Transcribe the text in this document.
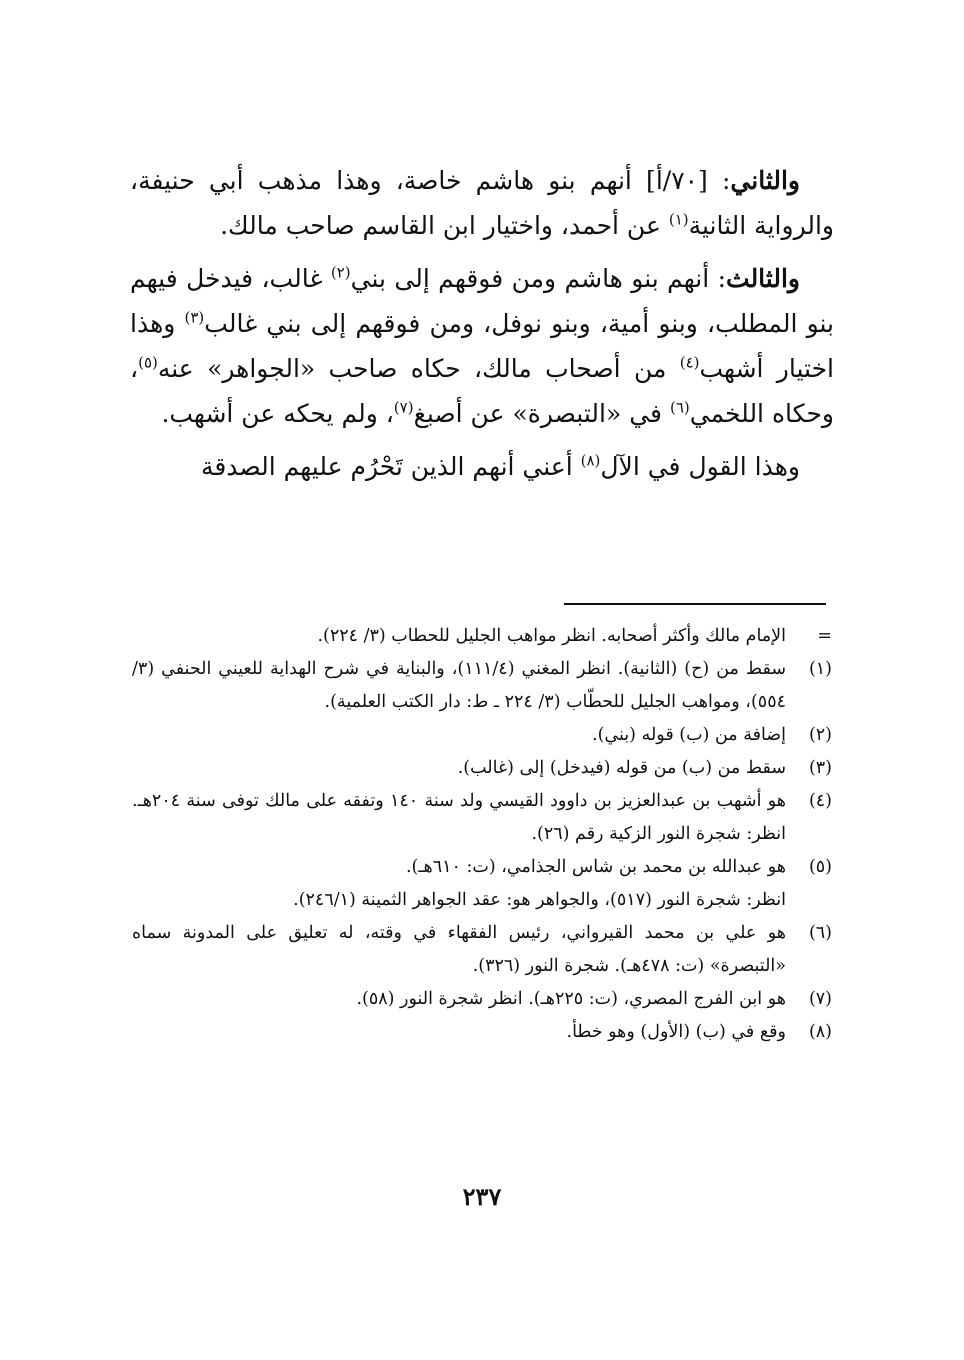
والثاني: [٧٠/أ] أنهم بنو هاشم خاصة، وهذا مذهب أبي حنيفة، والرواية الثانية$^{(١)}$ عن أحمد، واختيار ابن القاسم صاحب مالك.

والثالث: أنهم بنو هاشم ومن فوقهم إلى بني$^{(٢)}$ غالب، فيدخل فيهم بنو المطلب، وبنو أمية، وبنو نوفل، ومن فوقهم إلى بني غالب$^{(٣)}$ وهذا اختيار أشهب$^{(٤)}$ من أصحاب مالك، حكاه صاحب «الجواهر» عنه$^{(٥)}$، وحكاه اللخمي$^{(٦)}$ في «التبصرة» عن أصبغ$^{(٧)}$، ولم يحكه عن أشهب.

وهذا القول في الآل$^{(٨)}$ أعني أنهم الذين تَحْرُم عليهم الصدقة

=
الإمام مالك وأكثر أصحابه. انظر مواهب الجليل للحطاب (٣/ ٢٢٤).
(١)
سقط من (ح) (الثانية). انظر المغني (١١١/٤)، والبناية في شرح الهداية للعيني الحنفي (٣/ ٥٥٤)، ومواهب الجليل للحطّاب (٣/ ٢٢٤ ـ ط: دار الكتب العلمية).
(٢)
إضافة من (ب) قوله (بني).
(٣)
سقط من (ب) من قوله (فيدخل) إلى (غالب).
(٤)
هو أشهب بن عبدالعزيز بن داوود القيسي ولد سنة ١٤٠ وتفقه على مالك توفى سنة ٢٠٤هـ. انظر: شجرة النور الزكية رقم (٢٦).
(٥)
هو عبدالله بن محمد بن شاس الجذامي، (ت: ٦١٠هـ).
انظر: شجرة النور (٥١٧)، والجواهر هو: عقد الجواهر الثمينة (٢٤٦/١).
(٦)
هو علي بن محمد القيرواني، رئيس الفقهاء في وقته، له تعليق على المدونة سماه «التبصرة» (ت: ٤٧٨هـ). شجرة النور (٣٢٦).
(٧)
هو ابن الفرج المصري، (ت: ٢٢٥هـ). انظر شجرة النور (٥٨).
(٨)
وقع في (ب) (الأول) وهو خطأ.
٢٣٧
